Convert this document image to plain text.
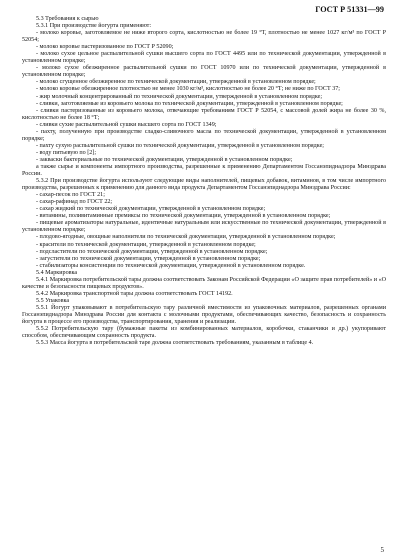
ГОСТ Р 51331—99

5.3 Требования к сырью

5.3.1 При производстве йогурта применяют:

- молоко коровье, заготовляемое не ниже второго сорта, кислотностью не более 19 °Т, плотностью не менее 1027 кг/м³ по ГОСТ Р 52054;

- молоко коровье пастеризованное по ГОСТ Р 52090;

- молоко сухое цельное распылительной сушки высшего сорта по ГОСТ 4495 или по технической документации, утвержденной в установленном порядке;

- молоко сухое обезжиренное распылительной сушки по ГОСТ 10970 или по технической документации, утвержденной в установленном порядке;

- молоко сгущенное обезжиренное по технической документации, утвержденной в установленном порядке;

- молоко коровье обезжиренное плотностью не менее 1030 кг/м³, кислотностью не более 20 °Т; не ниже по ГОСТ 37;

- жир молочный концентрированный по технической документации, утвержденной в установленном порядке;

- сливки, заготовляемые из коровьего молока по технической документации, утвержденной в установленном порядке;

- сливки пастеризованные из коровьего молока, отвечающие требованиям ГОСТ Р 52054, с массовой долей жира не более 30 %, кислотностью не более 18 °Т;

- сливки сухие распылительной сушки высшего сорта по ГОСТ 1349;

- пахту, полученную при производстве сладко-сливочного масла по технической документации, утвержденной в установленном порядке;

- пахту сухую распылительной сушки по технической документации, утвержденной в установленном порядке;

- воду питьевую по [2];

- закваски бактериальные по технической документации, утвержденной в установленном порядке;

а также сырье и компоненты импортного производства, разрешенные к применению Департаментом Госсанэпиднадзора Минздрава России.

5.3.2 При производстве йогурта используют следующие виды наполнителей, пищевых добавок, витаминов, в том числе импортного производства, разрешенных к применению для данного вида продукта Департаментом Госсанэпиднадзора Минздрава России:

- сахар-песок по ГОСТ 21;

- сахар-рафинад по ГОСТ 22;

- сахар жидкий по технической документации, утвержденной в установленном порядке;

- витамины, поливитаминные премиксы по технической документации, утвержденной в установленном порядке;

- пищевые ароматизаторы натуральные, идентичные натуральным или искусственные по технической документации, утвержденной в установленном порядке;

- плодово-ягодные, овощные наполнители по технической документации, утвержденной в установленном порядке;

- красители по технической документации, утвержденной в установленном порядке;

- подсластители по технической документации, утвержденной в установленном порядке;

- загустители по технической документации, утвержденной в установленном порядке;

- стабилизаторы консистенции по технической документации, утвержденной в установленном порядке.

5.4 Маркировка

5.4.1 Маркировка потребительской тары должна соответствовать Законам Российской Федерации «О защите прав потребителей» и «О качестве и безопасности пищевых продуктов».

5.4.2 Маркировка транспортной тары должна соответствовать ГОСТ 14192.

5.5 Упаковка

5.5.1 Йогурт упаковывают в потребительскую тару различной вместимости из упаковочных материалов, разрешенных органами Госсанэпиднадзора Минздрава России для контакта с молочными продуктами, обеспечивающих качество, безопасность и сохранность йогурта в процессе его производства, транспортирования, хранения и реализации.

5.5.2 Потребительскую тару (бумажные пакеты из комбинированных материалов, коробочки, стаканчики и др.) укупоривают способом, обеспечивающим сохранность продукта.

5.5.3 Масса йогурта в потребительской таре должна соответствовать требованиям, указанным в таблице 4.

5
